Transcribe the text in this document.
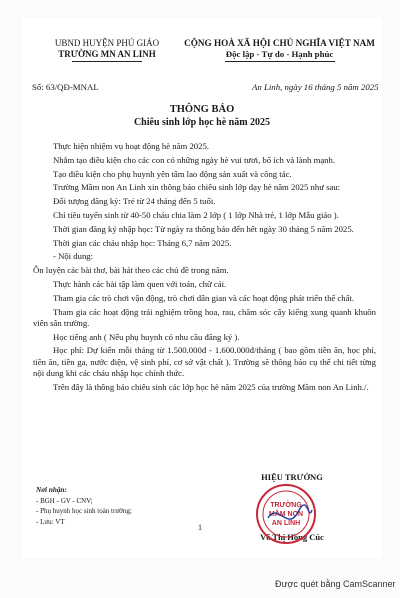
UBND HUYỆN PHÚ GIÁO
TRƯỜNG MN AN LINH
CỘNG HOÀ XÃ HỘI CHỦ NGHĨA VIỆT NAM
Độc lập - Tự do - Hạnh phúc
Số: 63/QĐ-MNAL	An Linh, ngày 16 tháng 5 năm 2025
THÔNG BÁO
Chiêu sinh lớp học hè năm 2025

Thực hiện nhiệm vụ hoạt động hè năm 2025.

Nhằm tạo điều kiện cho các con có những ngày hè vui tươi, bổ ích và lành mạnh.

Tạo điều kiện cho phụ huynh yên tâm lao động sản xuất và công tác.

Trường Mầm non An Linh xin thông báo chiêu sinh lớp dạy hè năm 2025 như sau:

Đối tượng đăng ký: Trẻ từ 24 tháng đến 5 tuổi.

Chỉ tiêu tuyển sinh từ 40-50 cháu chia làm 2 lớp ( 1 lớp Nhà trẻ, 1 lớp Mẫu giáo ).

Thời gian đăng ký nhập học: Từ ngày ra thông báo đến hết ngày 30 tháng 5 năm 2025.

Thời gian các cháu nhập học: Tháng 6,7 năm 2025.

- Nội dung:

Ôn luyện các bài thơ, bài hát theo các chủ đề trong năm.

Thực hành các bài tập làm quen với toán, chữ cái.

Tham gia các trò chơi vận động, trò chơi dân gian và các hoạt động phát triển thể chất.

Tham gia các hoạt động trải nghiệm trồng hoa, rau, chăm sóc cây kiểng xung quanh khuôn viên sân trường.

Học tiếng anh ( Nếu phụ huynh có nhu cầu đăng ký ).

Học phí: Dự kiến mỗi tháng từ 1.500.000đ - 1.600.000đ/tháng ( bao gồm tiền ăn, học phí, tiền ăn, tiền ga, nước điện, vệ sinh phí, cơ sở vật chất ). Trường sẽ thông báo cụ thể chi tiết từng nội dung khi các cháu nhập học chính thức.

Trên đây là thông báo chiêu sinh các lớp học hè năm 2025 của trường Mầm non An Linh./.

Nơi nhận:
- BGH - GV - CNV;
- Phụ huynh học sinh toàn trường;
- Lưu: VT
HIỆU TRƯỞNG
Võ Thị Hồng Cúc
TRƯỜNG
MẦM NON
AN LINH
1
Được quét bằng CamScanner
